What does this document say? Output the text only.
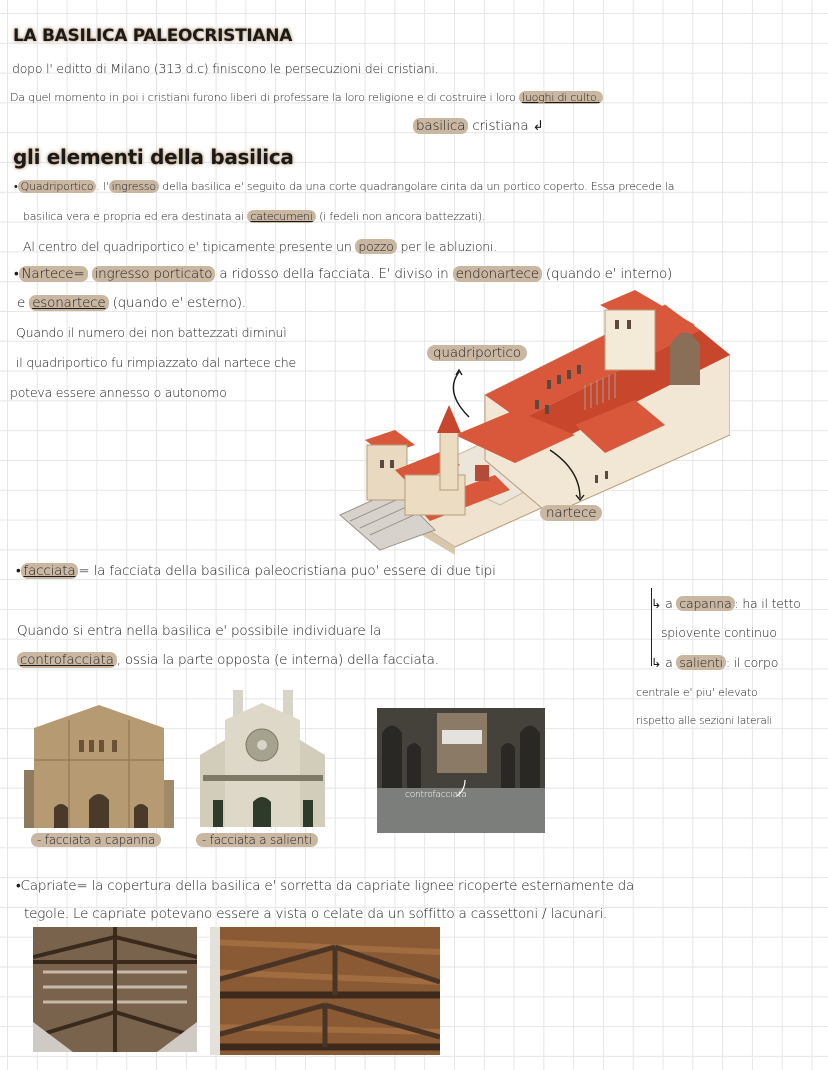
LA BASILICA PALEOCRISTIANA
dopo l' editto di Milano (313 d.c) finiscono le persecuzioni dei cristiani.
Da quel momento in poi i cristiani furono liberi di professare la loro religione e di costruire i loro luoghi di culto.
basilica cristiana ↲
gli elementi della basilica
• Quadriportico . l' ingresso della basilica e' seguito da una corte quadrangolare cinta da un portico coperto. Essa precede la
basilica vera e propria ed era destinata ai catecumeni (i fedeli non ancora battezzati).
Al centro del quadriportico e' tipicamente presente un pozzo per le abluzioni.
• Nartece= ingresso porticato a ridosso della facciata. E' diviso in endonartece (quando e' interno)
e esonartece (quando e' esterno).
Quando il numero dei non battezzati diminuì
il quadriportico fu rimpiazzato dal nartece che
poteva essere annesso o autonomo
quadriportico
nartece
• facciata = la facciata della basilica paleocristiana puo' essere di due tipi
Quando si entra nella basilica e' possibile individuare la
controfacciata , ossia la parte opposta (e interna) della facciata.
↳ a capanna : ha il tetto
spiovente continuo
↳ a salienti : il corpo
centrale e' piu' elevato
rispetto alle sezioni laterali
controfacciata
- facciata a capanna	- facciata a salienti
•Capriate= la copertura della basilica e' sorretta da capriate lignee ricoperte esternamente da
tegole. Le capriate potevano essere a vista o celate da un soffitto a cassettoni / lacunari.
